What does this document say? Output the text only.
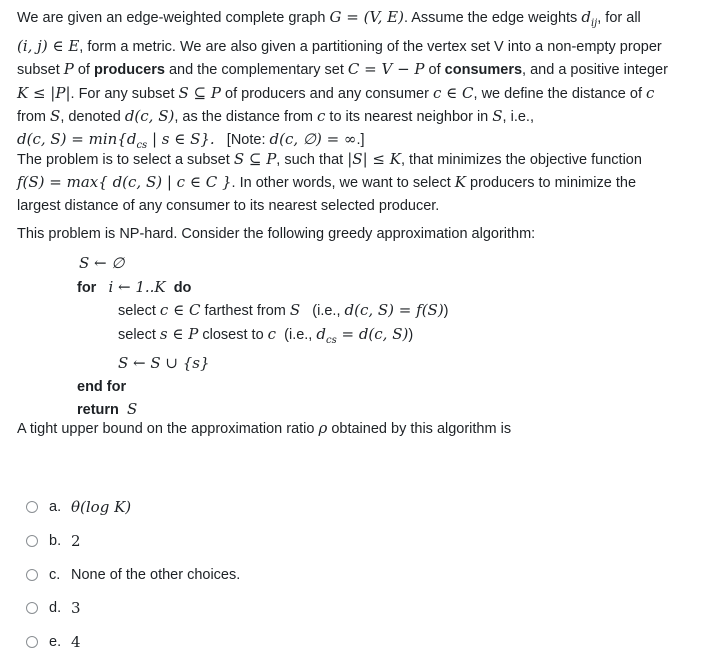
We are given an edge-weighted complete graph G = (V, E). Assume the edge weights $d_{ij}$, for all
(i, j) ∈ E, form a metric. We are also given a partitioning of the vertex set V into a non-empty proper
subset P of producers and the complementary set C = V − P of consumers, and a positive integer
K ≤ |P|. For any subset S ⊆ P of producers and any consumer c ∈ C, we define the distance of c
from S, denoted d(c, S), as the distance from c to its nearest neighbor in S, i.e.,
d(c, $S) = \min\{d_{cs}$ | s ∈ S}. [Note: d(c, ∅) = ∞.]
The problem is to select a subset S ⊆ P, such that |S| ≤ K, that minimizes the objective function
f(S) = max{ d(c, S) | c ∈ C }. In other words, we want to select K producers to minimize the
largest distance of any consumer to its nearest selected producer.
This problem is NP-hard. Consider the following greedy approximation algorithm:
S ← ∅
for i ← 1..K do
select c ∈ C farthest from S (i.e., d(c, S) = f(S))
select s ∈ P closest to c (i.e., $d_{cs} = d(c$, S))
S ← S ∪ {s}
end for
return S
A tight upper bound on the approximation ratio ρ obtained by this algorithm is
a. θ(log K)
b. 2
c. None of the other choices.
d. 3
e. 4
